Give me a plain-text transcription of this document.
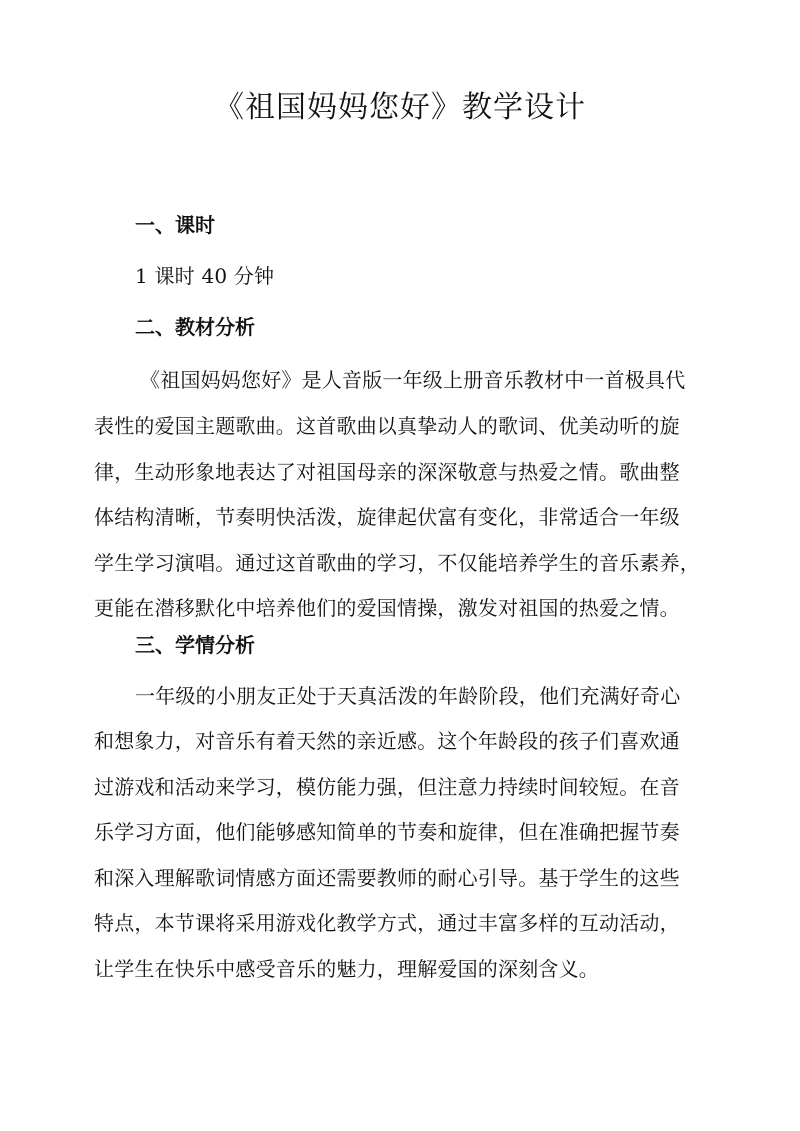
《祖国妈妈您好》教学设计
一、课时
1 课时 40 分钟
二、教材分析
《祖国妈妈您好》是人音版一年级上册音乐教材中一首极具代
表性的爱国主题歌曲。这首歌曲以真挚动人的歌词、优美动听的旋
律，生动形象地表达了对祖国母亲的深深敬意与热爱之情。歌曲整
体结构清晰，节奏明快活泼，旋律起伏富有变化，非常适合一年级
学生学习演唱。通过这首歌曲的学习，不仅能培养学生的音乐素养，
更能在潜移默化中培养他们的爱国情操，激发对祖国的热爱之情。
三、学情分析
一年级的小朋友正处于天真活泼的年龄阶段，他们充满好奇心
和想象力，对音乐有着天然的亲近感。这个年龄段的孩子们喜欢通
过游戏和活动来学习，模仿能力强，但注意力持续时间较短。在音
乐学习方面，他们能够感知简单的节奏和旋律，但在准确把握节奏
和深入理解歌词情感方面还需要教师的耐心引导。基于学生的这些
特点，本节课将采用游戏化教学方式，通过丰富多样的互动活动，
让学生在快乐中感受音乐的魅力，理解爱国的深刻含义。
